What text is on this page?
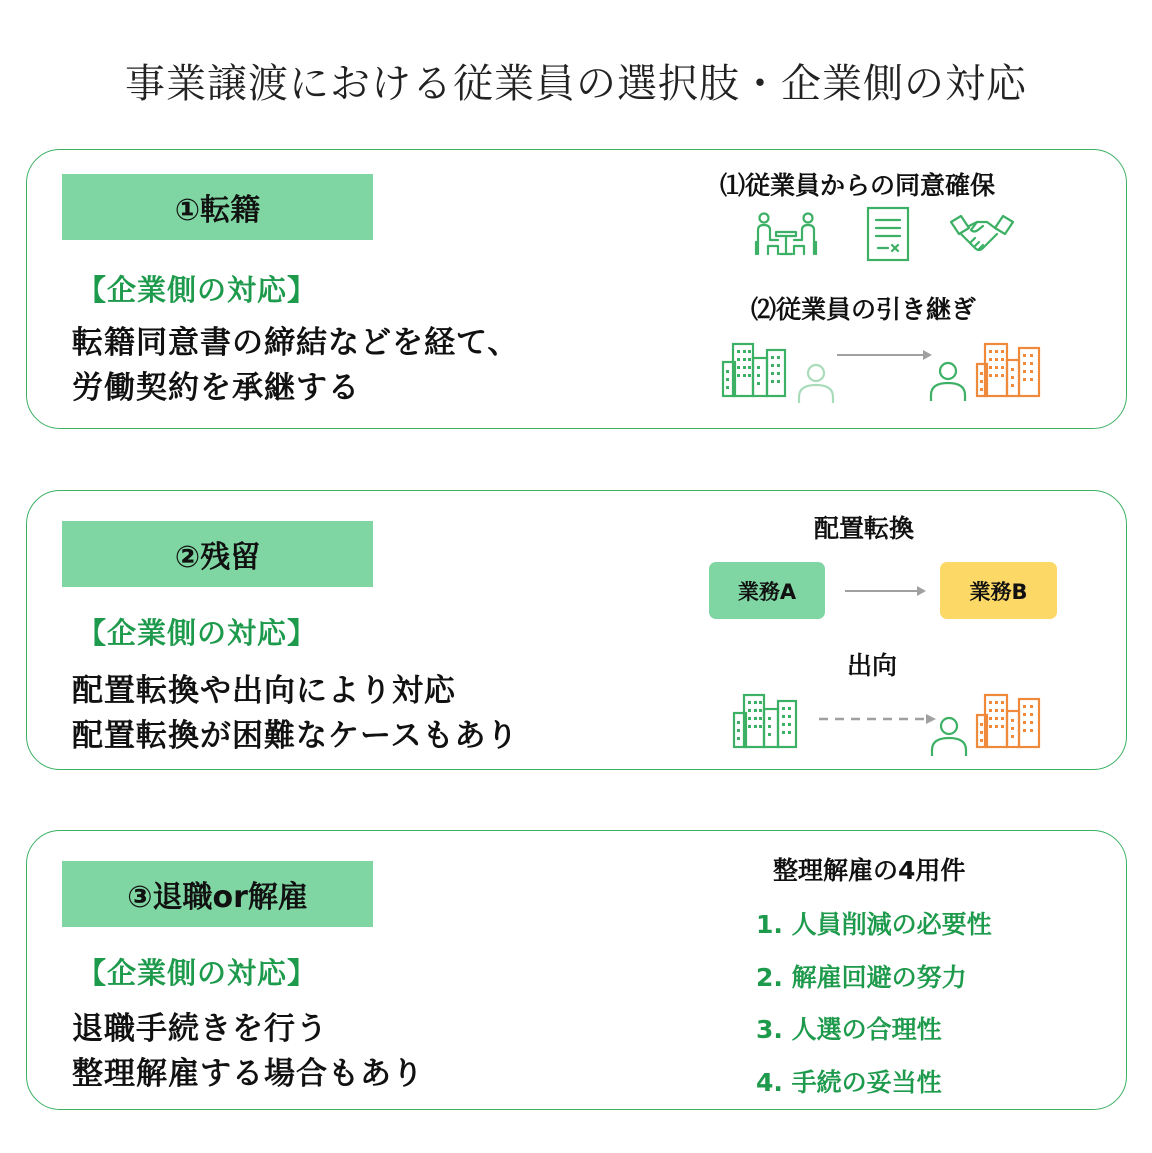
事業譲渡における従業員の選択肢・企業側の対応
①転籍
【企業側の対応】
転籍同意書の締結などを経て、
労働契約を承継する
⑴従業員からの同意確保
⑵従業員の引き継ぎ
②残留
【企業側の対応】
配置転換や出向により対応
配置転換が困難なケースもあり
配置転換
業務A	業務B
出向
③退職or解雇
【企業側の対応】
退職手続きを行う
整理解雇する場合もあり
整理解雇の4用件
1. 人員削減の必要性
2. 解雇回避の努力
3. 人選の合理性
4. 手続の妥当性
